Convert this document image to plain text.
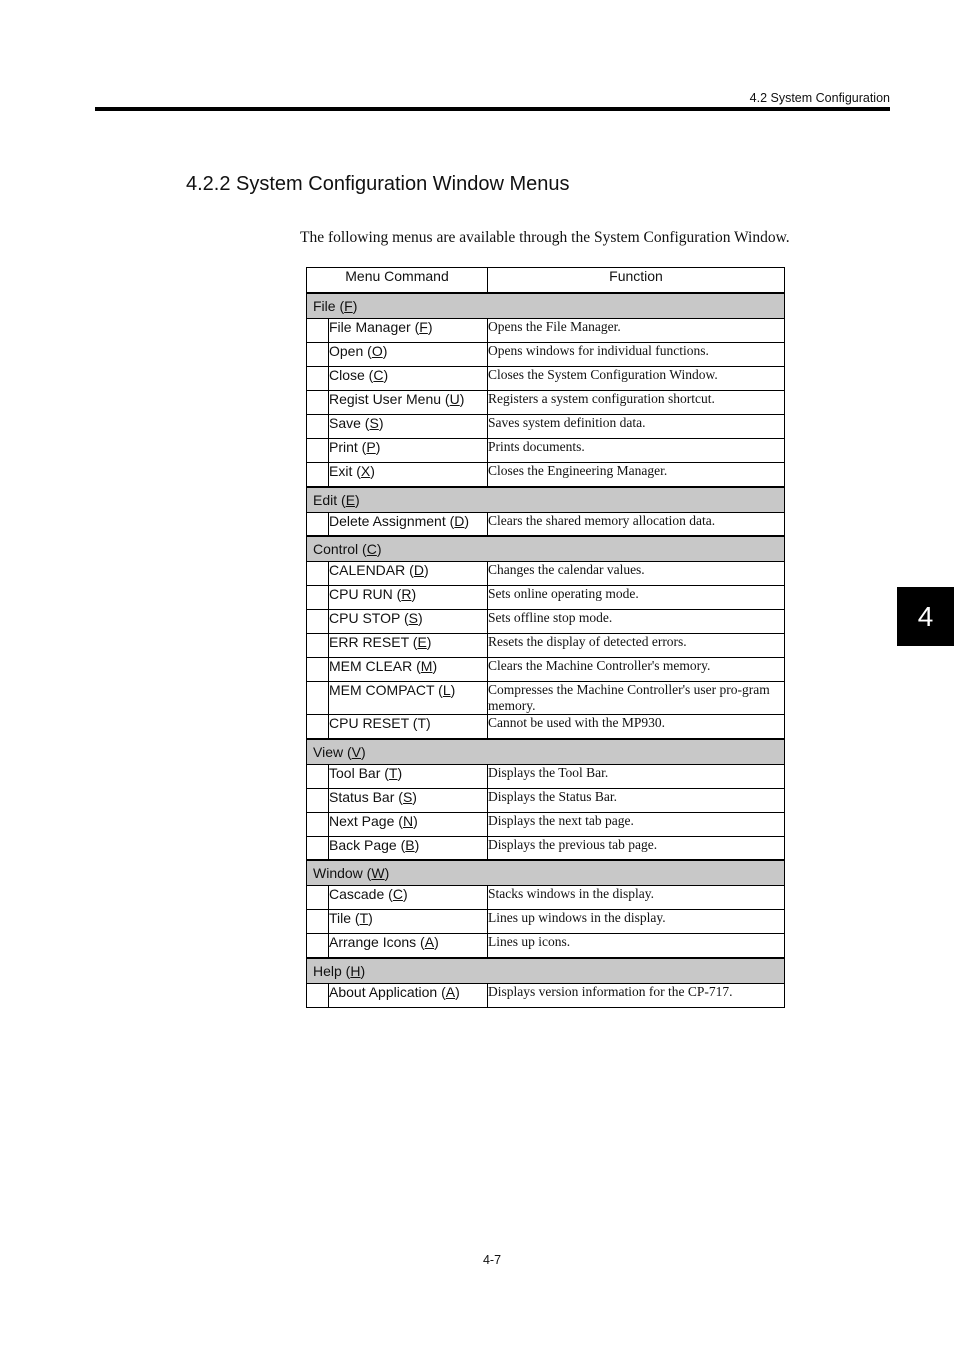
4.2 System Configuration
4.2.2 System Configuration Window Menus
The following menus are available through the System Configuration Window.
Menu Command		Function
File (F)		
	File Manager (F)	Opens the File Manager.
	Open (O)	Opens windows for individual functions.
	Close (C)	Closes the System Configuration Window.
	Regist User Menu (U)	Registers a system configuration shortcut.
	Save (S)	Saves system definition data.
	Print (P)	Prints documents.
	Exit (X)	Closes the Engineering Manager.
Edit (E)		
	Delete Assignment (D)	Clears the shared memory allocation data.
Control (C)		
	CALENDAR (D)	Changes the calendar values.
	CPU RUN (R)	Sets online operating mode.
	CPU STOP (S)	Sets offline stop mode.
	ERR RESET (E)	Resets the display of detected errors.
	MEM CLEAR (M)	Clears the Machine Controller's memory.
	MEM COMPACT (L)	Compresses the Machine Controller's user pro-gram memory.
	CPU RESET (T)	Cannot be used with the MP930.
View (V)		
	Tool Bar (T)	Displays the Tool Bar.
	Status Bar (S)	Displays the Status Bar.
	Next Page (N)	Displays the next tab page.
	Back Page (B)	Displays the previous tab page.
Window (W)		
	Cascade (C)	Stacks windows in the display.
	Tile (T)	Lines up windows in the display.
	Arrange Icons (A)	Lines up icons.
Help (H)		
	About Application (A)	Displays version information for the CP-717.
4
4-7
